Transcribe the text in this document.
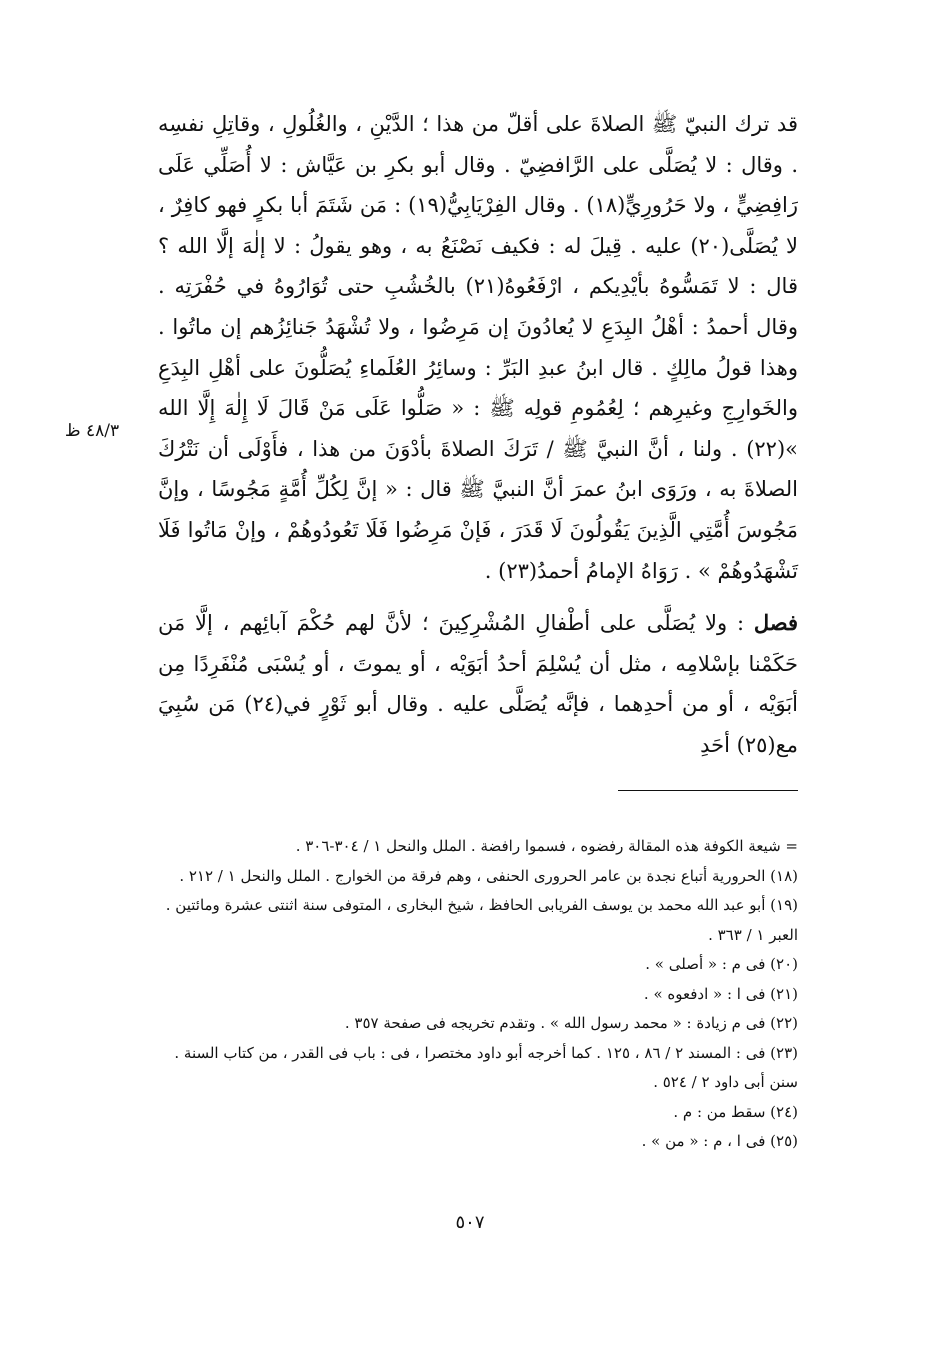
٤٨/٣ ظ

قد ترك النبيّ ﷺ الصلاةَ على أقلّ من هذا ؛ الدَّيْنِ ، والغُلُولِ ، وقاتِلِ نفسِه . وقال : لا يُصَلَّى على الرَّافضِيّ . وقال أبو بكرِ بن عَيَّاش : لا أُصَلِّي عَلَى رَافِضِيٍّ ، ولا حَرُورِيٍّ(١٨) . وقال الفِرْيَابِيُّ(١٩) : مَن شَتَمَ أبا بكرٍ فهو كافِرٌ ، لا يُصَلَّى(٢٠) عليه . قِيلَ له : فكيف نَصْنَعُ به ، وهو يقولُ : لا إلٰهَ إلَّا الله ؟ قال : لا تَمَسُّوهُ بأيْدِيكم ، ارْفَعُوهُ(٢١) بالخُشُبِ حتى تُوَارُوهُ في حُفْرَتِه . وقال أحمدُ : أهْلُ البِدَعِ لا يُعادُونَ إن مَرِضُوا ، ولا تُشْهَدُ جَنائِزُهم إن ماتُوا . وهذا قولُ مالِكٍ . قال ابنُ عبدِ البَرِّ : وسائِرُ العُلَماءِ يُصَلُّونَ على أهْلِ البِدَعِ والخَوارِجِ وغيرِهم ؛ لِعُمُومِ قولِه ﷺ : « صَلُّوا عَلَى مَنْ قَالَ لَا إِلٰهَ إِلَّا الله »(٢٢) . ولنا ، أنَّ النبيَّ ﷺ / تَرَكَ الصلاةَ بأدْوَنَ من هذا ، فأَوْلَى أن نَتْرُكَ الصلاةَ به ، ورَوَى ابنُ عمرَ أنَّ النبيَّ ﷺ قال : « إنَّ لِكُلِّ أُمَّةٍ مَجُوسًا ، وإنَّ مَجُوسَ أُمَّتِي الَّذِينَ يَقُولُونَ لَا قَدَرَ ، فَإنْ مَرِضُوا فَلَا تَعُودُوهُمْ ، وإنْ مَاتُوا فَلَا تَشْهَدُوهُمْ » . رَوَاهُ الإمامُ أحمدُ(٢٣) .

فصل : ولا يُصَلَّى على أطْفالِ المُشْرِكِينَ ؛ لأنَّ لهم حُكْمَ آبائِهم ، إلَّا مَن حَكَمْنا بإسْلامِه ، مثل أن يُسْلِمَ أحدُ أبَوَيْه ، أو يموتَ ، أو يُسْبَى مُنْفَرِدًا مِن أبَوَيْه ، أو من أحدِهما ، فإنَّه يُصَلَّى عليه . وقال أبو ثَوْرٍ في(٢٤) مَن سُبِيَ مع(٢٥) أحَدِ

= شيعة الكوفة هذه المقالة رفضوه ، فسموا رافضة . الملل والنحل ١ / ٣٠٤-٣٠٦ .

(١٨) الحرورية أتباع نجدة بن عامر الحرورى الحنفى ، وهم فرقة من الخوارج . الملل والنحل ١ / ٢١٢ .

(١٩) أبو عبد الله محمد بن يوسف الفريابى الحافظ ، شيخ البخارى ، المتوفى سنة اثنتى عشرة ومائتين . العبر ١ / ٣٦٣ .

(٢٠) فى م : « أصلى » .

(٢١) فى ا : « ادفعوه » .

(٢٢) فى م زيادة : « محمد رسول الله » . وتقدم تخريجه فى صفحة ٣٥٧ .

(٢٣) فى : المسند ٢ / ٨٦ ، ١٢٥ . كما أخرجه أبو داود مختصرا ، فى : باب فى القدر ، من كتاب السنة . سنن أبى داود ٢ / ٥٢٤ .

(٢٤) سقط من : م .

(٢٥) فى ا ، م : « من » .

٥٠٧
